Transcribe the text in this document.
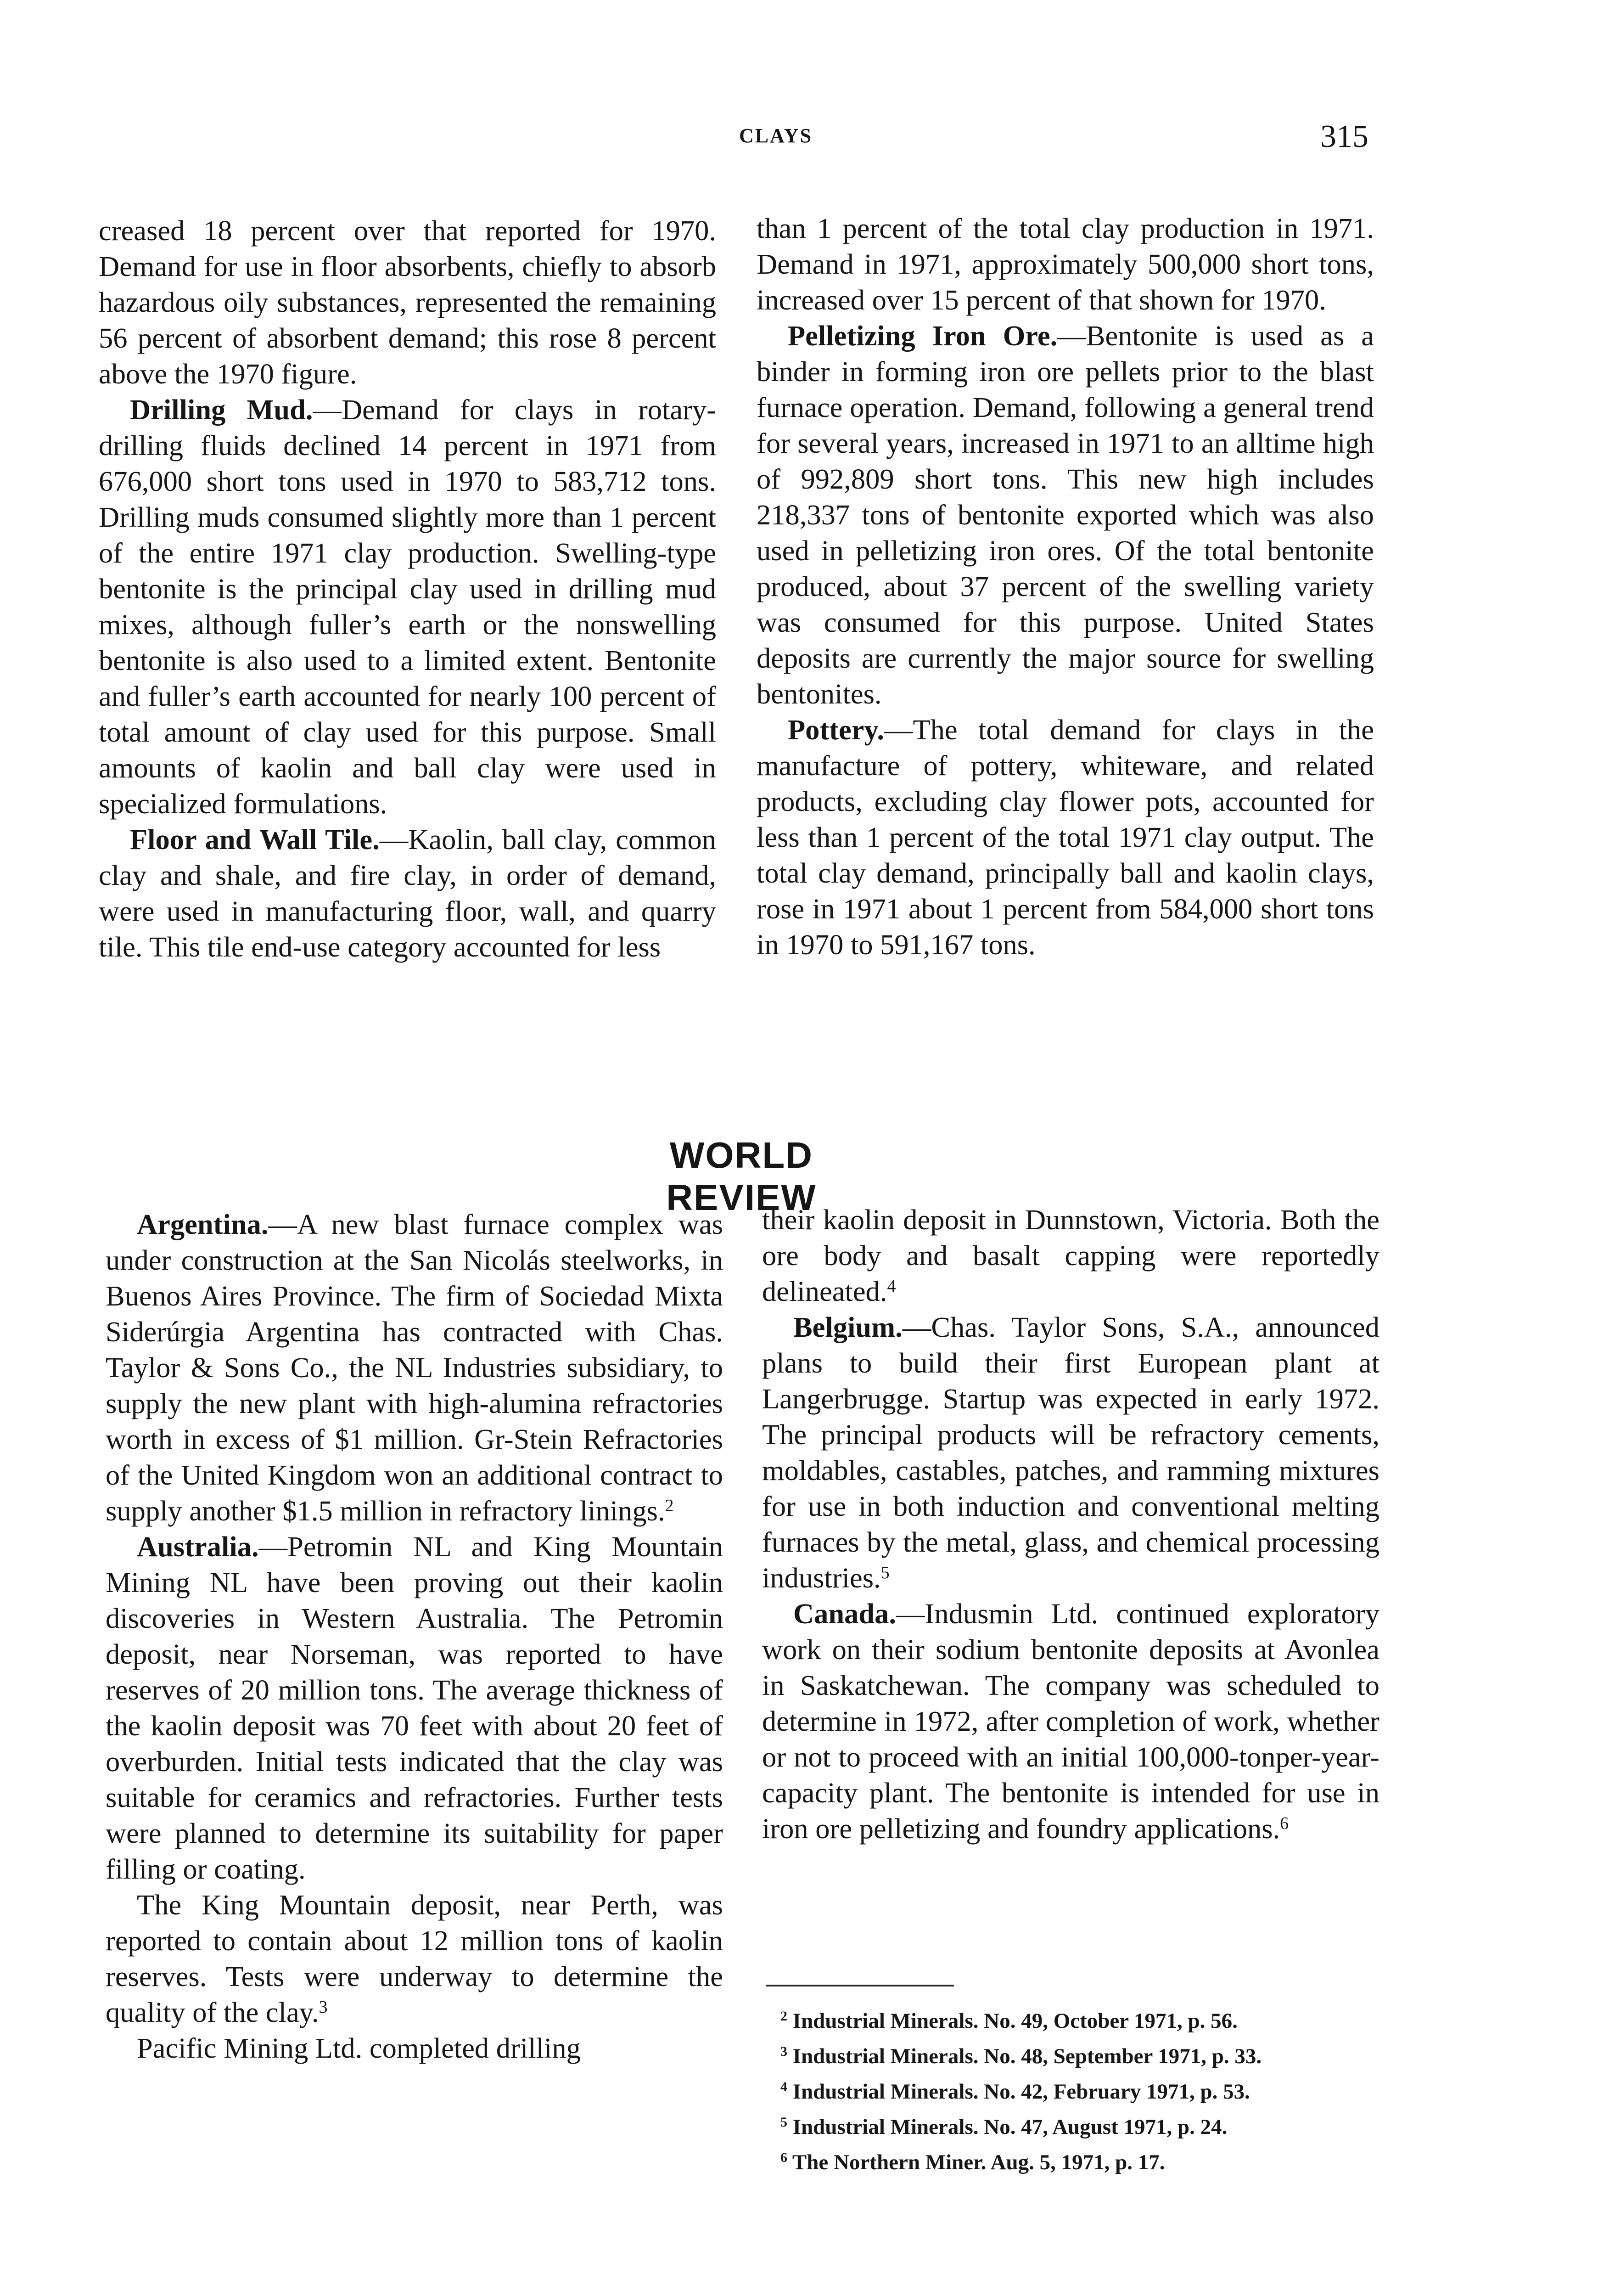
CLAYS	315

creased 18 percent over that reported for 1970. Demand for use in floor absorbents, chiefly to absorb hazardous oily substances, represented the remaining 56 percent of absorbent demand; this rose 8 percent above the 1970 figure.

Drilling Mud.—Demand for clays in rotary-drilling fluids declined 14 percent in 1971 from 676,000 short tons used in 1970 to 583,712 tons. Drilling muds consumed slightly more than 1 percent of the entire 1971 clay production. Swelling-type bentonite is the principal clay used in drilling mud mixes, although fuller’s earth or the nonswelling bentonite is also used to a limited extent. Bentonite and fuller’s earth accounted for nearly 100 percent of total amount of clay used for this purpose. Small amounts of kaolin and ball clay were used in specialized formulations.

Floor and Wall Tile.—Kaolin, ball clay, common clay and shale, and fire clay, in order of demand, were used in manufacturing floor, wall, and quarry tile. This tile end-use category accounted for less

than 1 percent of the total clay production in 1971. Demand in 1971, approximately 500,000 short tons, increased over 15 percent of that shown for 1970.

Pelletizing Iron Ore.—Bentonite is used as a binder in forming iron ore pellets prior to the blast furnace operation. Demand, following a general trend for several years, increased in 1971 to an alltime high of 992,809 short tons. This new high includes 218,337 tons of bentonite exported which was also used in pelletizing iron ores. Of the total bentonite produced, about 37 percent of the swelling variety was consumed for this purpose. United States deposits are currently the major source for swelling bentonites.

Pottery.—The total demand for clays in the manufacture of pottery, whiteware, and related products, excluding clay flower pots, accounted for less than 1 percent of the total 1971 clay output. The total clay demand, principally ball and kaolin clays, rose in 1971 about 1 percent from 584,000 short tons in 1970 to 591,167 tons.

WORLD REVIEW

Argentina.—A new blast furnace complex was under construction at the San Nicolás steelworks, in Buenos Aires Province. The firm of Sociedad Mixta Siderúrgia Argentina has contracted with Chas. Taylor & Sons Co., the NL Industries subsidiary, to supply the new plant with high-alumina refractories worth in excess of $1 million. Gr-Stein Refractories of the United Kingdom won an additional contract to supply another $1.5 million in refractory linings.$^2$

Australia.—Petromin NL and King Mountain Mining NL have been proving out their kaolin discoveries in Western Australia. The Petromin deposit, near Norseman, was reported to have reserves of 20 million tons. The average thickness of the kaolin deposit was 70 feet with about 20 feet of overburden. Initial tests indicated that the clay was suitable for ceramics and refractories. Further tests were planned to determine its suitability for paper filling or coating.

The King Mountain deposit, near Perth, was reported to contain about 12 million tons of kaolin reserves. Tests were underway to determine the quality of the clay.$^3$

Pacific Mining Ltd. completed drilling

their kaolin deposit in Dunnstown, Victoria. Both the ore body and basalt capping were reportedly delineated.$^4$

Belgium.—Chas. Taylor Sons, S.A., announced plans to build their first European plant at Langerbrugge. Startup was expected in early 1972. The principal products will be refractory cements, moldables, castables, patches, and ramming mixtures for use in both induction and conventional melting furnaces by the metal, glass, and chemical processing industries.$^5$

Canada.—Indusmin Ltd. continued exploratory work on their sodium bentonite deposits at Avonlea in Saskatchewan. The company was scheduled to determine in 1972, after completion of work, whether or not to proceed with an initial 100,000-tonper-year-capacity plant. The bentonite is intended for use in iron ore pelletizing and foundry applications.$^6$

$^2$ Industrial Minerals. No. 49, October 1971, p. 56.

$^3$ Industrial Minerals. No. 48, September 1971, p. 33.

$^4$ Industrial Minerals. No. 42, February 1971, p. 53.

$^5$ Industrial Minerals. No. 47, August 1971, p. 24.

$^6$ The Northern Miner. Aug. 5, 1971, p. 17.
